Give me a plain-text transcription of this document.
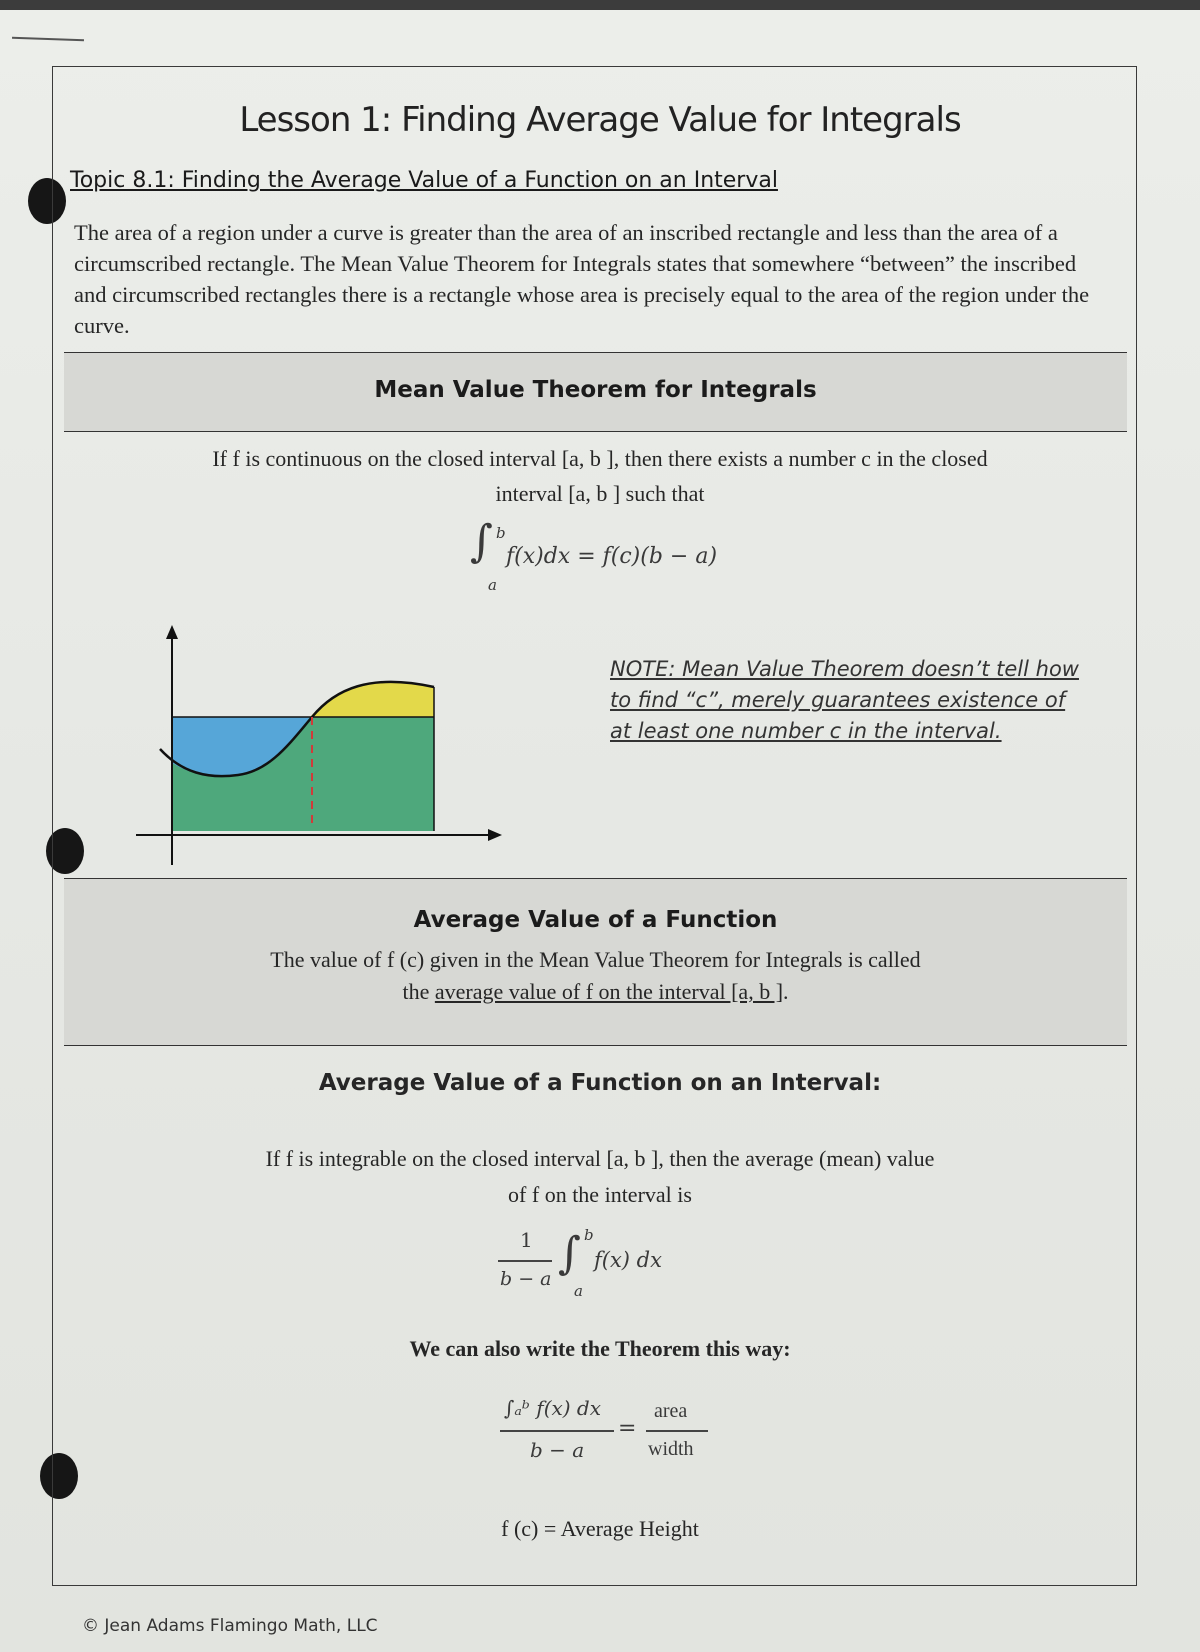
Lesson 1: Finding Average Value for Integrals
Topic 8.1: Finding the Average Value of a Function on an Interval
The area of a region under a curve is greater than the area of an inscribed rectangle and less than the area of a circumscribed rectangle. The Mean Value Theorem for Integrals states that somewhere “between” the inscribed and circumscribed rectangles there is a rectangle whose area is precisely equal to the area of the region under the curve.
Mean Value Theorem for Integrals
If f is continuous on the closed interval [a, b ], then there exists a number c in the closed
interval [a, b ] such that
∫ b
a
f(x)dx = f(c)(b − a)
NOTE: Mean Value Theorem doesn’t tell how to find “c”, merely guarantees existence of at least one number c in the interval.
Average Value of a Function
The value of f (c) given in the Mean Value Theorem for Integrals is called
the average value of f on the interval [a, b ].
Average Value of a Function on an Interval:
If f is integrable on the closed interval [a, b ], then the average (mean) value
of f on the interval is
1
b − a ∫ b
a
f(x) dx
We can also write the Theorem this way:
∫ₐᵇ f(x) dx
b − a
=
area
width
f (c) = Average Height
© Jean Adams Flamingo Math, LLC
